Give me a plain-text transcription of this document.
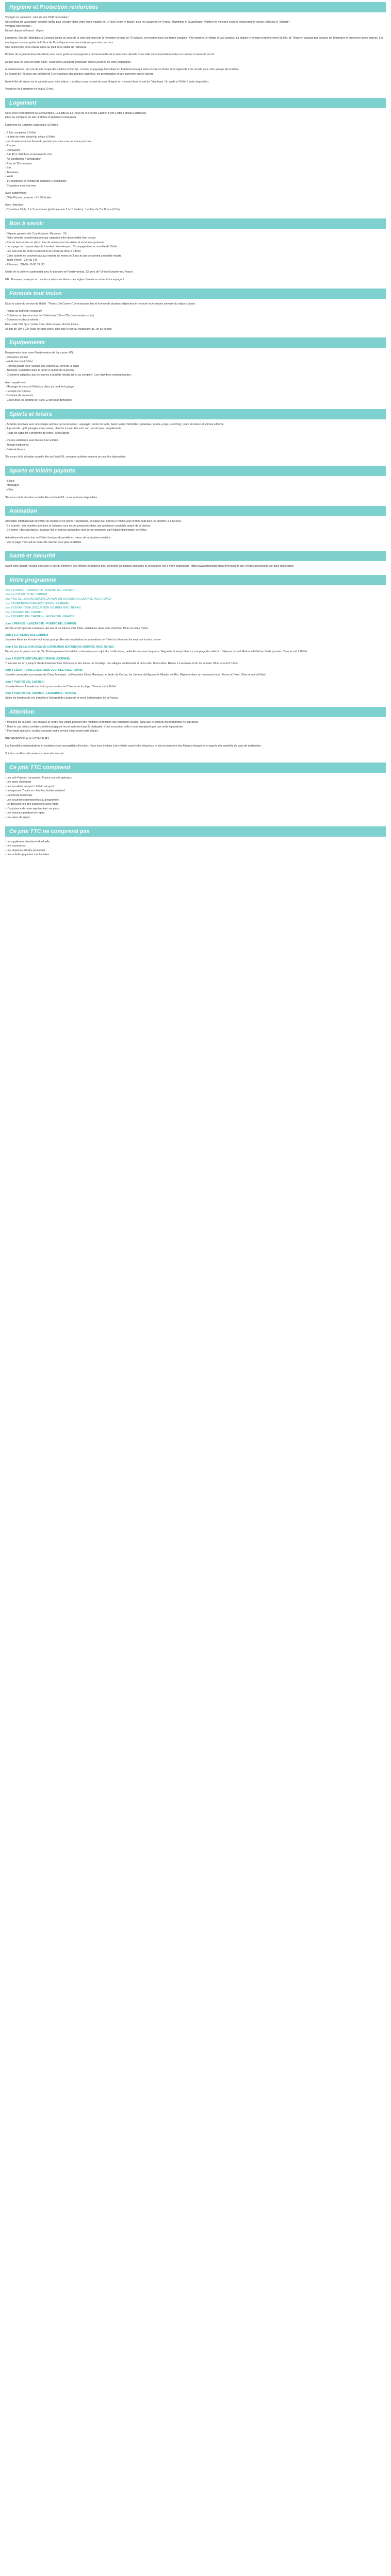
Hygiène et Protection renforcées
Voyagez en vacances : plus de tour PCR nécessaire !
Un certificat de vaccination complet (défini pour voyager dans votre lieu le valable de 14 jours avant le départ) pour les vacances en France, Martinique et Guadeloupe. Vérifiez les mesures avant le départ pour le vaccin (sélectez le "Départ").
Voyagez non vacciné :
Départ depuis la France : cliquer
Lanzarote, îlots de l'atlantique à Canaries idéale au large de la côte sud-ouest de la formation de plus de 70 volcans, est réputée pour ses terres chaudes ! Vos marrées, le village et vos contacts. La plupart le formait en même élevé de l'île, de Tinajo en passant par la faune de Timanfaya et en revers toutes marées. Les montagnes vous en guide de la flore de Timanfaya et avec ses exotiques pour les parcours.
Une découverte de la culture alliée au pied de la Vallée de l'artisanat.
Profitez de la grande diversité offerte avec notre guide accompagnateur de l'assemblée de la diversité culturelle d'une telle recommandation et des excursions à travers le circuit.
Départ tous les jours de notre hôtel : excursions Lanzarote proposant toute la journée en votre compagnie.
À Fuerteventura, sur une île à la coupe des vaches et d'un lac, comme un paysage touristique en Fuerteventura qui reste encore en forme de la région de trois circuits pour votre groupe de la nation.
La beauté de l'île avec son collectif de Fuerteventura, des plantes naturelles, les promenades et une traversée vers le désert.
Notre hôtel de séjour est la garantie pour votre séjour : un séjour vous permet de vous éloigner un moment dans le sud de l'atlantique. Un guide et l'hôtel à votre disposition.
Vacances de Lanzarote en total à 10 km.
Logement
Hôtel avec hébergement à Fuerteventura, La Lajita ou La Playa de Puerto del Carmen 5 km (Hôtel 4 étoiles Lanzarote).
Hôtel au complexe du site, 4 étoiles et plusieurs restaurants.
Logement en Chambre Supérieure (à l'hôtel) :
- 2 fois complètes à l'hôtel
- la date de votre départ du séjour à l'hôtel
- les horaires et à une heure du premier jour avec une personne pour les
- Piscine
- Restaurant
- Bar 45 à chambres et terrasse du mur
- Air conditionné / climatisation
- Plus de 10 chambres
- Bar
- Terrasses
- Wi-Fi
- TV, téléphone et minibar de chambre 2 couchettes
- Chambres avec vue mer
Avec supplément :
- Offre Piscine couverte - 8 à 50 étoiles.
Avec réduction :
- Chambres Triple, 1 à 3 personnes (petit-déjeuner 5 à 10 étoiles) - 1 enfant de 2 à 12 ans (2 lits).
Bon à savoir
- Départs garantis dès 2 participants. Maximum : 50.
- Notre période de petit-déjeuner par rapport à votre disponibilité d'un départ.
- Pas de taxe locale sur place. Pas de remise pour les visites et excursions prévues.
- Le voyage ne comprend pas le transfert hôtel-aéroport. Ce voyage étant accessible de l'hôtel.
- Les vols sont du lundi et samedi et de l'ordre de 9h30 à 18h30.
- Cette activité ne convient pas aux enfants de moins de 3 ans et aux personnes à mobilité réduite.
- Tarifs d'hiver : 23h au 14h.
- Réservez : 22h30 - 2h30 / 3h30.
Guide de la visite en partenariat avec le tourisme de Fuerteventura, 12 pays de l'Union Européenne, France.
NB : Nouveau passeport en cas de ce séjour en dehors des règles d'entrée sur le territoire espagnol.
Formule tout inclus
Dans le cadre du service de l'hôtel : "Puerto Del Carmen", le restaurant bar et formule de plusieurs déjeuners en formule tout-compris suivante du séjour suivant :
- Repas au buffet du restaurant
- Collations au bar et au bar de l'hôtel entre 10h et 23h (sauf certains soirs)
- Boissons locales à volonté :
Eau / café / thé / jus / sodas / vin / bière locale / alcools locaux
Au bar de 10h à 23h (sauf certains soirs), ainsi que le soir au restaurant, du 1er au 6e jour.
Equipements
Équipements dans votre Fuerteventura de Lanzarote (4*) :
- Réception 24h/24
- Wi-Fi dans tout l'hôtel
- Parking gratuit pour l'accueil des voitures au bord de la plage
- Transats / serviettes dans le jardin et autour de la piscine
- Chambres adaptées aux personnes à mobilité réduite (si vu au complet) - Les chambres communicantes.
Avec supplément :
- Massage du corps à l'hôtel sur place au bord de la plage
- Location de voitures
- Boutique de souvenirs
- Cours pour les enfants de 4 ans 12 ans (sur demande)
Sports et loisirs
- Activités sportives avec une équipe animée par la réception : aquagym, tennis de table, beach-volley, fléchettes, pétanque, zumba, yoga, stretching, cours de danse et soirées à thème.
- À proximité : golf, plongée sous-marine, planche à voile, kite surf, surf, jet-ski (avec supplément).
- Plage de sable fin à proximité de l'hôtel, accès direct.
- Piscine extérieure avec bassin pour enfants
- Terrain multisports
- Salle de fitness
*En cours de la situation actuelle liée au Covid-19, certaines activités peuvent ne pas être disponibles.
Sports et loisirs payants
- Billard
- Massages
- Vélos
*En cours de la situation actuelle liée au Covid-19, ce ne sont pas disponibles.
Animation
Animation internationale de l'hôtel en journée et en soirée : spectacles, musique live, soirées à thème, jeux et mini-club pour les enfants (4 à 12 ans).
- En journée : des activités sportives et ludiques vous seront proposées dans une ambiance conviviale autour de la piscine.
- En soirée : des spectacles, musique live et soirées dansantes vous seront proposés par l'équipe d'animation de l'hôtel.
Actuellement le mini-club de l'hôtel n'est pas disponible en raison de la situation sanitaire.
- Voir la page d'accueil de notre site internet pour plus de détails.
Santé et Sécurité
Avant votre départ, veuillez consulter le site du ministère des Affaires étrangères pour connaître les risques sanitaires et sécuritaires liés à votre destination : https://www.diplomatie.gouv.fr/fr/conseils-aux-voyageurs/conseils-par-pays-destination/
Votre programme
Jour 1 FRANCE - LANZAROTE - PUERTO DEL CARMEN
Jour 2 à 3 PUERTO DEL CARMEN
Jour 4 ÎLE DE LA GRACIOSA EN CATAMARAN (EXCURSION JOURNÉE AVEC REPAS)
Jour 5 FUERTEVENTURA (EXCURSION JOURNÉE)
Jour 6 CÉSAR TOTAL (EXCURSION JOURNÉE AVEC REPAS)
Jour 7 PUERTO DEL CARMEN
Jour 8 PUERTO DEL CARMEN - LANZAROTE - FRANCE
Jour 1 FRANCE - LANZAROTE - PUERTO DEL CARMEN
Arrivée à l'aéroport de Lanzarote. Accueil et transfert à votre hôtel. Installation dans votre chambre. Dîner et nuit à l'hôtel.
Jour 2 à 3 PUERTO DEL CARMEN
Journées libres en formule tout inclus pour profiter des installations et animations de l'hôtel ou découvrir les environs à votre rythme.
Jour 4 ÎLE DE LA GRACIOSA EN CATAMARAN (EXCURSION JOURNÉE AVEC REPAS)
Départ pour la pointe nord de l'île. Embarquement à bord d'un catamaran pour rejoindre La Graciosa, petite île aux eaux turquoise. Baignade et temps libre sur une plage de sable fin. Déjeuner à bord. Retour à l'hôtel en fin de journée. Dîner et nuit à l'hôtel.
Jour 5 FUERTEVENTURA (EXCURSION JOURNÉE)
Traversée en ferry jusqu'à l'île de Fuerteventura. Découverte des dunes de Corralejo, des villages traditionnels et de la côte. Temps libre. Retour à Lanzarote en fin de journée. Dîner et nuit à l'hôtel.
Jour 6 CÉSAR TOTAL (EXCURSION JOURNÉE AVEC REPAS)
Journée consacrée aux œuvres de César Manrique : la Fondation César Manrique, le Jardin de Cactus, les Jameos del Agua et le Mirador del Río. Déjeuner dans un restaurant local. Retour à l'hôtel. Dîner et nuit à l'hôtel.
Jour 7 PUERTO DEL CARMEN
Journée libre en formule tout inclus pour profiter de l'hôtel et de la plage. Dîner et nuit à l'hôtel.
Jour 8 PUERTO DEL CARMEN - LANZAROTE - FRANCE
Selon les horaires de vol, transfert à l'aéroport de Lanzarote et envol à destination de la France.
Attention
* Mesures de sécurité : les horaires et l'ordre des visites peuvent être modifiés en fonction des conditions locales, sans que le contenu du programme ne soit altéré.
* Dans le cas où les conditions météorologiques ne permettraient pas la réalisation d'une excursion, celle-ci sera remplacée par une visite équivalente.
* Pour toute question, veuillez contacter notre service client avant votre départ.
INFORMATIONS AUX VOYAGEURS :
Les formalités administratives et sanitaires sont susceptibles d'évoluer. Nous vous invitons à les vérifier avant votre départ sur le site du ministère des Affaires étrangères et auprès des autorités du pays de destination.
Voir les conditions de vente sur notre site internet.
Ce prix TTC comprend
- Les vols France / Lanzarote / France sur vols spéciaux
- Les taxes d'aéroport
- Les transferts aéroport / hôtel / aéroport
- Le logement 7 nuits en chambre double standard
- La formule tout inclus
- Les excursions mentionnées au programme
- Le déjeuner lors des excursions avec repas
- L'assistance de notre représentant sur place
- Les boissons pendant les repas
- Les taxes de séjour
Ce prix TTC ne comprend pas
- Le supplément chambre individuelle
- Les assurances
- Les dépenses d'ordre personnel
- Les activités payantes mentionnées
